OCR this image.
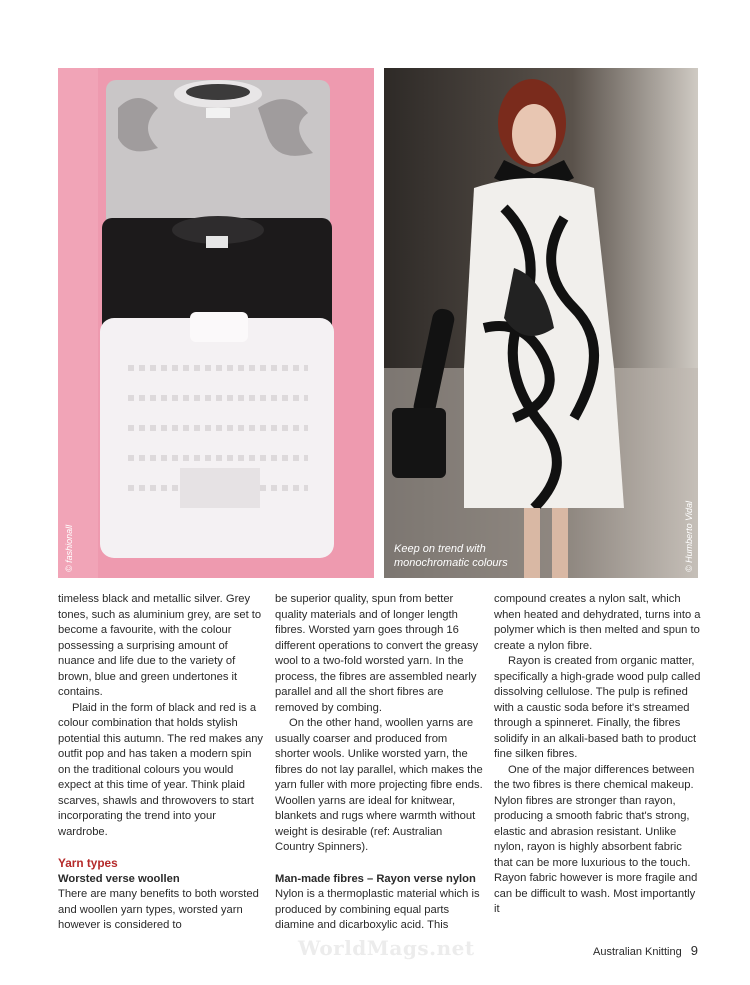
© fashionall	Keep on trend with monochromatic colours	© Humberto Vidal

timeless black and metallic silver. Grey tones, such as aluminium grey, are set to become a favourite, with the colour possessing a surprising amount of nuance and life due to the variety of brown, blue and green undertones it contains.

Plaid in the form of black and red is a colour combination that holds stylish potential this autumn. The red makes any outfit pop and has taken a modern spin on the traditional colours you would expect at this time of year. Think plaid scarves, shawls and throwovers to start incorporating the trend into your wardrobe.

Yarn types
Worsted verse woollen

There are many benefits to both worsted and woollen yarn types, worsted yarn however is considered to

be superior quality, spun from better quality materials and of longer length fibres. Worsted yarn goes through 16 different operations to convert the greasy wool to a two-fold worsted yarn. In the process, the fibres are assembled nearly parallel and all the short fibres are removed by combing.

On the other hand, woollen yarns are usually coarser and produced from shorter wools. Unlike worsted yarn, the fibres do not lay parallel, which makes the yarn fuller with more projecting fibre ends. Woollen yarns are ideal for knitwear, blankets and rugs where warmth without weight is desirable (ref: Australian Country Spinners).

Man-made fibres – Rayon verse nylon

Nylon is a thermoplastic material which is produced by combining equal parts diamine and dicarboxylic acid. This

compound creates a nylon salt, which when heated and dehydrated, turns into a polymer which is then melted and spun to create a nylon fibre.

Rayon is created from organic matter, specifically a high-grade wood pulp called dissolving cellulose. The pulp is refined with a caustic soda before it's streamed through a spinneret. Finally, the fibres solidify in an alkali-based bath to product fine silken fibres.

One of the major differences between the two fibres is there chemical makeup. Nylon fibres are stronger than rayon, producing a smooth fabric that's strong, elastic and abrasion resistant. Unlike nylon, rayon is highly absorbent fabric that can be more luxurious to the touch. Rayon fabric however is more fragile and can be difficult to wash. Most importantly it

WorldMags.net	Australian Knitting 9
